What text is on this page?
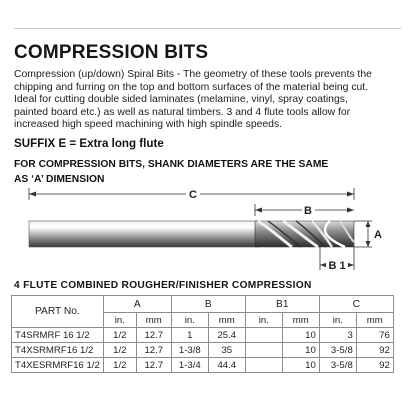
COMPRESSION BITS
Compression (up/down) Spiral Bits - The geometry of these tools prevents the
chipping and furring on the top and bottom surfaces of the material being cut.
Ideal for cutting double sided laminates (melamine, vinyl, spray coatings,
painted board etc.) as well as natural timbers. 3 and 4 flute tools allow for
increased high speed machining with high spindle speeds.
SUFFIX E = Extra long flute
FOR COMPRESSION BITS, SHANK DIAMETERS ARE THE SAME
AS ‘A’ DIMENSION
C
B
A
B 1
4 FLUTE COMBINED ROUGHER/FINISHER COMPRESSION
PART No.	A		B		B1		C	
	in.	mm	in.	mm	in.	mm	in.	mm
T4SRMRF 16 1/2	1/2	12.7	1	25.4		10	3	76
T4XSRMRF16 1/2	1/2	12.7	1-3/8	35		10	3-5/8	92
T4XESRMRF16 1/2	1/2	12.7	1-3/4	44.4		10	3-5/8	92
